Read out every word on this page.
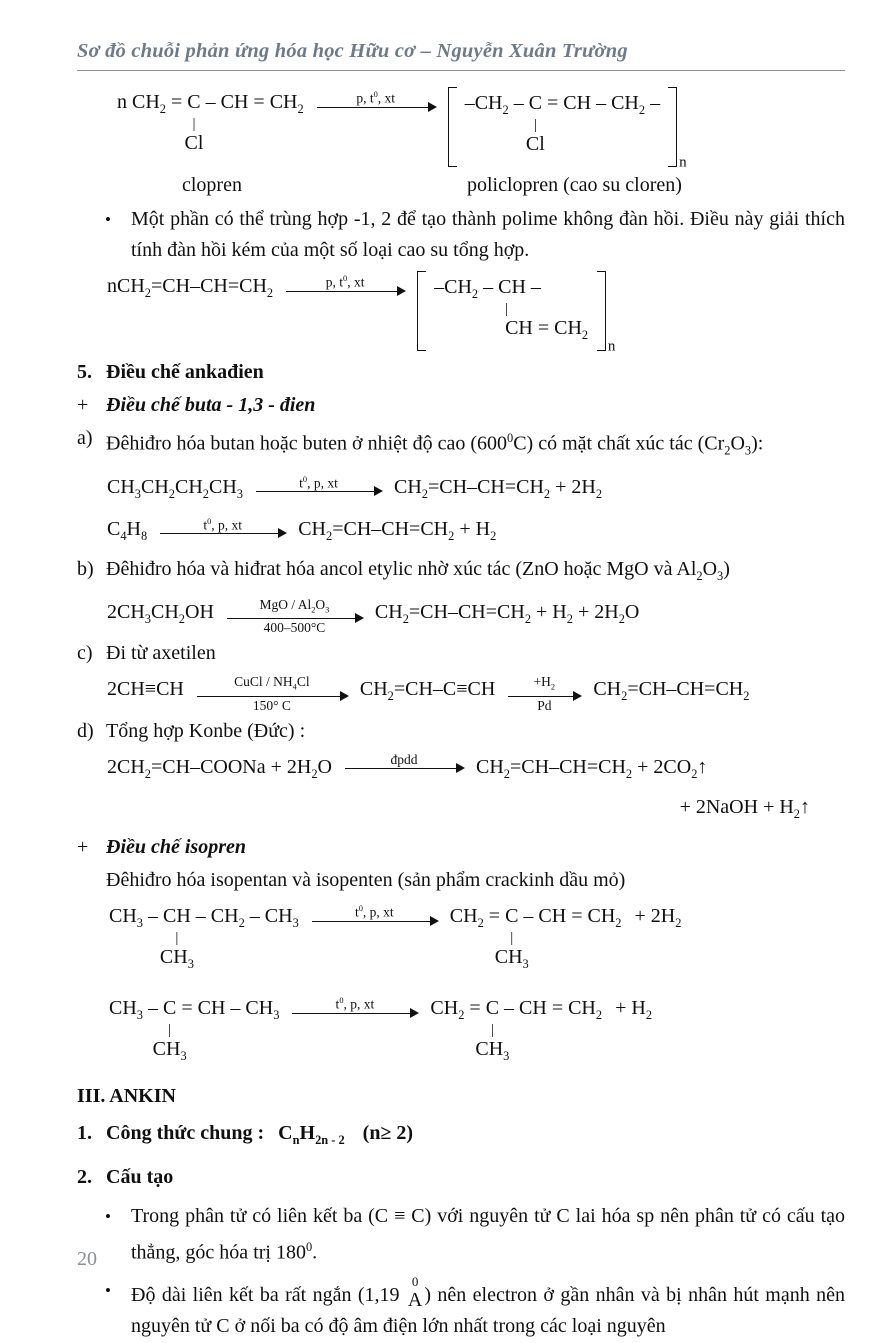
Sơ đồ chuỗi phản ứng hóa học Hữu cơ – Nguyễn Xuân Trường
n $CH_2 = C$
|
Cl
– CH = $CH_2$
p, $t^0$, xt	$-CH_2$ – C
|
Cl
= CH – $CH_2$ –
n
clopren	policlopren (cao su cloren)
•	Một phần có thể trùng hợp -1, 2 để tạo thành polime không đàn hồi. Điều này giải thích tính đàn hồi kém của một số loại cao su tổng hợp.
$nCH_2=CH-CH=CH_2$
p, $t^0$, xt	$-CH_2$ – CH
|
CH = $CH_2$
–
n
5. Điều chế ankađien
+ Điều chế buta - 1,3 - đien
a) Đêhiđro hóa butan hoặc buten ở nhiệt độ cao $(600^0C)$ có mặt chất xúc tác $(Cr_2O_3)$:
$CH_3CH_2CH_2CH_3$
$t^0$, p, xt	$CH_2=CH-CH=CH_2 + 2H_2$
$C_4H_8$
$t^0$, p, xt	$CH_2=CH-CH=CH_2 + H_2$
b) Đêhiđro hóa và hiđrat hóa ancol etylic nhờ xúc tác (ZnO hoặc MgO và $Al_2O_3$)
$2CH_3CH_2OH$	MgO / $Al_2O_3$
400–500°C
$CH_2=CH-CH=CH_2 + H_2 + 2H_2O$
c) Đi từ axetilen
2CH≡CH	CuCl / $NH_4Cl$
150° C
$CH_2=CH-C\equiv CH$	$+H_2$
Pd
$CH_2=CH-CH=CH_2$
d) Tổng hợp Konbe (Đức) :
$2CH_2=CH$–COONa + $2H_2O$	đpdd	$CH_2=CH-CH=CH_2$ + $2CO_2↑$
+ 2NaOH + $H_2↑$
+ Điều chế isopren
Đêhiđro hóa isopentan và isopenten (sản phẩm crackinh dầu mỏ)
$CH_3$ – CH
|
$CH_3$
– $CH_2 - CH_3$
$t^0$, p, xt	$CH_2 = C$
|
$CH_3$
– CH = $CH_2 + 2H_2$
$CH_3$ – C
|
$CH_3$
= CH – $CH_3$
$t^0$, p, xt	$CH_2 = C$
|
$CH_3$
– CH = $CH_2 + H_2$
III. ANKIN
1. Công thức chung : $C_nH_{2n - 2}$ (n≥ 2)
2. Cấu tạo
•	Trong phân tử có liên kết ba (C ≡ C) với nguyên tử C lai hóa sp nên phân tử có cấu tạo thẳng, góc hóa trị $180^0$.
•	Độ dài liên kết ba rất ngắn (1,19
0
A ) nên electron ở gần nhân và bị nhân hút mạnh nên nguyên tử C ở nối ba có độ âm điện lớn nhất trong các loại nguyên
20
